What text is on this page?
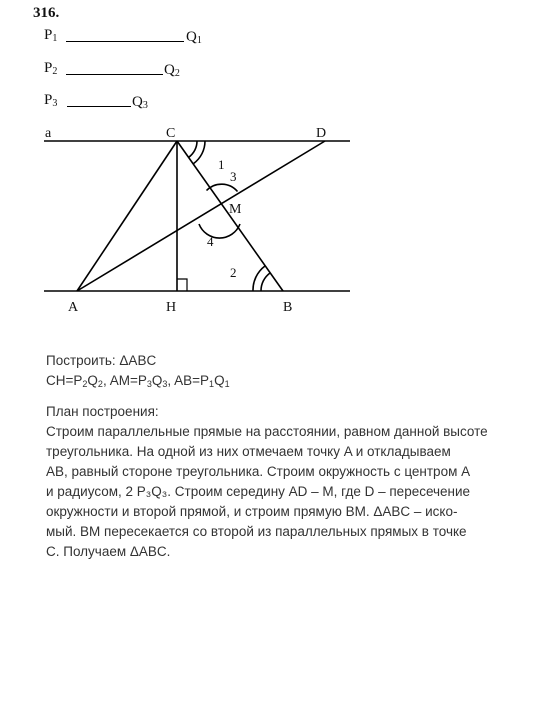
316.
$P_1$	$Q_1$
$P_2$	$Q_2$
$P_3$	$Q_3$
a	C	D
A	H	B
M
1
3
4
2
Построить: ΔABC
$CH=P_2Q_2$, $AM=P_3Q_3$, $AB=P_1Q_1$
План построения:
Строим параллельные прямые на расстоянии, равном данной высоте
треугольника. На одной из них отмечаем точку A и откладываем
AB, равный стороне треугольника. Строим окружность с центром A
и радиусом, 2 P₃Q₃. Строим середину AD – M, где D – пересечение
окружности и второй прямой, и строим прямую BM. ΔABC – иско-
мый. BM пересекается со второй из параллельных прямых в точке
C. Получаем ΔABC.
